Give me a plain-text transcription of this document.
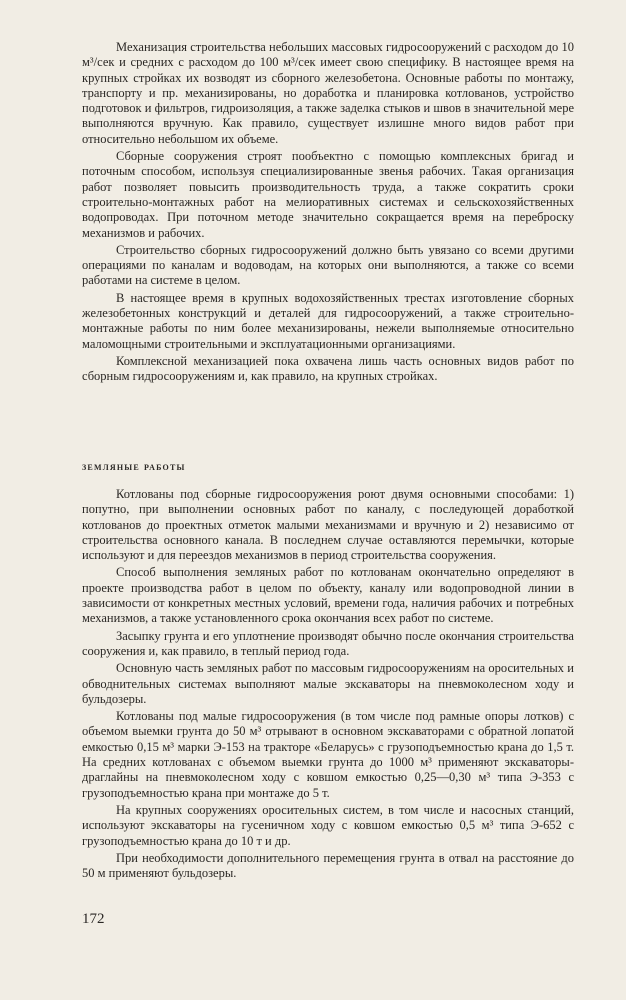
Механизация строительства небольших массовых гидросооружений с расходом до 10 м³/сек и средних с расходом до 100 м³/сек имеет свою специфику. В настоящее время на крупных стройках их возводят из сборного железобетона. Основные работы по монтажу, транспорту и пр. механизированы, но доработка и планировка котлованов, устройство подготовок и фильтров, гидроизоляция, а также заделка стыков и швов в значительной мере выполняются вручную. Как правило, существует излишне много видов работ при относительно небольшом их объеме.

Сборные сооружения строят пообъектно с помощью комплексных бригад и поточным способом, используя специализированные звенья рабочих. Такая организация работ позволяет повысить производительность труда, а также сократить сроки строительно-монтажных работ на мелиоративных системах и сельскохозяйственных водопроводах. При поточном методе значительно сокращается время на переброску механизмов и рабочих.

Строительство сборных гидросооружений должно быть увязано со всеми другими операциями по каналам и водоводам, на которых они выполняются, а также со всеми работами на системе в целом.

В настоящее время в крупных водохозяйственных трестах изготовление сборных железобетонных конструкций и деталей для гидросооружений, а также строительно-монтажные работы по ним более механизированы, нежели выполняемые относительно маломощными строительными и эксплуатационными организациями.

Комплексной механизацией пока охвачена лишь часть основных видов работ по сборным гидросооружениям и, как правило, на крупных стройках.

земляные работы

Котлованы под сборные гидросооружения роют двумя основными способами: 1) попутно, при выполнении основных работ по каналу, с последующей доработкой котлованов до проектных отметок малыми механизмами и вручную и 2) независимо от строительства основного канала. В последнем случае оставляются перемычки, которые используют и для переездов механизмов в период строительства сооружения.

Способ выполнения земляных работ по котлованам окончательно определяют в проекте производства работ в целом по объекту, каналу или водопроводной линии в зависимости от конкретных местных условий, времени года, наличия рабочих и потребных механизмов, а также установленного срока окончания всех работ по системе.

Засыпку грунта и его уплотнение производят обычно после окончания строительства сооружения и, как правило, в теплый период года.

Основную часть земляных работ по массовым гидросооружениям на оросительных и обводнительных системах выполняют малые экскаваторы на пневмоколесном ходу и бульдозеры.

Котлованы под малые гидросооружения (в том числе под рамные опоры лотков) с объемом выемки грунта до 50 м³ отрывают в основном экскаваторами с обратной лопатой емкостью 0,15 м³ марки Э-153 на тракторе «Беларусь» с грузоподъемностью крана до 1,5 т. На средних котлованах с объемом выемки грунта до 1000 м³ применяют экскаваторы-драглайны на пневмоколесном ходу с ковшом емкостью 0,25—0,30 м³ типа Э-353 с грузоподъемностью крана при монтаже до 5 т.

На крупных сооружениях оросительных систем, в том числе и насосных станций, используют экскаваторы на гусеничном ходу с ковшом емкостью 0,5 м³ типа Э-652 с грузоподъемностью крана до 10 т и др.

При необходимости дополнительного перемещения грунта в отвал на расстояние до 50 м применяют бульдозеры.

172
